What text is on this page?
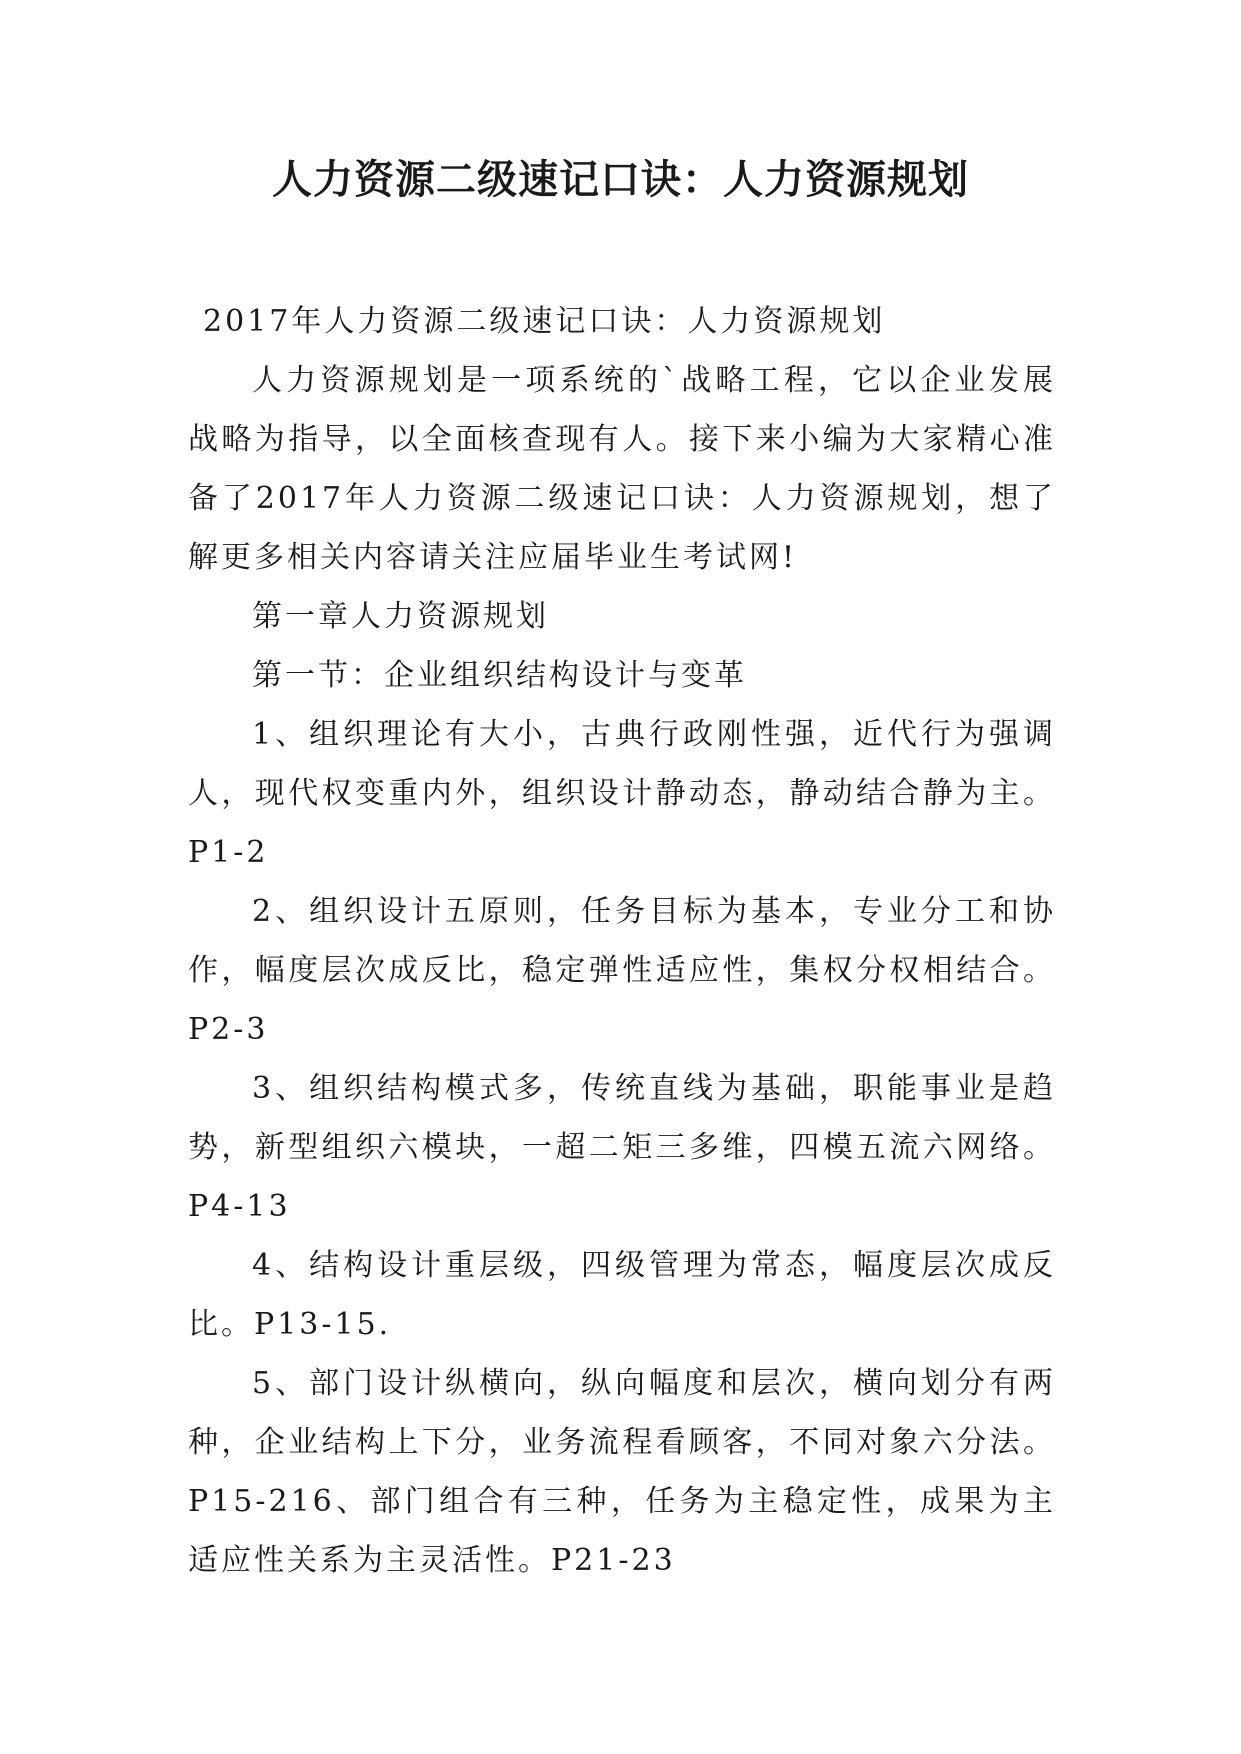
人力资源二级速记口诀：人力资源规划

2017年人力资源二级速记口诀：人力资源规划

人力资源规划是一项系统的`战略工程，它以企业发展战略为指导，以全面核查现有人。接下来小编为大家精心准备了2017年人力资源二级速记口诀：人力资源规划，想了解更多相关内容请关注应届毕业生考试网!

第一章人力资源规划

第一节：企业组织结构设计与变革

1、组织理论有大小，古典行政刚性强，近代行为强调人，现代权变重内外，组织设计静动态，静动结合静为主。P1-2

2、组织设计五原则，任务目标为基本，专业分工和协作，幅度层次成反比，稳定弹性适应性，集权分权相结合。P2-3

3、组织结构模式多，传统直线为基础，职能事业是趋势，新型组织六模块，一超二矩三多维，四模五流六网络。P4-13

4、结构设计重层级，四级管理为常态，幅度层次成反比。P13-15.

5、部门设计纵横向，纵向幅度和层次，横向划分有两种，企业结构上下分，业务流程看顾客，不同对象六分法。P15-216、部门组合有三种，任务为主稳定性，成果为主适应性关系为主灵活性。P21-23
